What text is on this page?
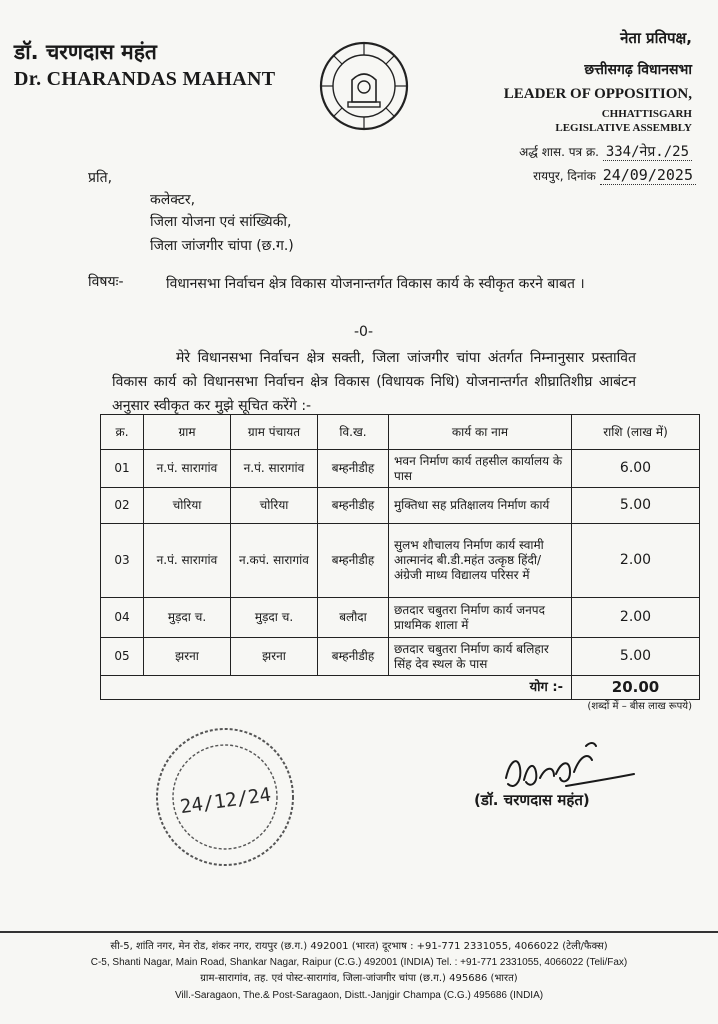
डॉ. चरणदास महंत
Dr. CHARANDAS MAHANT
नेता प्रतिपक्ष,
छत्तीसगढ़ विधानसभा
LEADER OF OPPOSITION,
CHHATTISGARH
LEGISLATIVE ASSEMBLY
अर्द्ध शास. पत्र क्र. 334/नेप्र./25
रायपुर, दिनांक 24/09/2025
प्रति,
कलेक्टर,
जिला योजना एवं सांख्यिकी,
जिला जांजगीर चांपा (छ.ग.)
विषयः-	विधानसभा निर्वाचन क्षेत्र विकास योजनान्तर्गत विकास कार्य के स्वीकृत करने बाबत ।
-0-
मेरे विधानसभा निर्वाचन क्षेत्र सक्ती, जिला जांजगीर चांपा अंतर्गत निम्नानुसार प्रस्तावित विकास कार्य को विधानसभा निर्वाचन क्षेत्र विकास (विधायक निधि) योजनान्तर्गत शीघ्रातिशीघ्र आबंटन अनुसार स्वीकृत कर मुझे सूचित करेंगे :-
क्र.	ग्राम	ग्राम पंचायत	वि.ख.	कार्य का नाम	राशि (लाख में)
01	न.पं. सारागांव	न.पं. सारागांव	बम्हनीडीह	भवन निर्माण कार्य तहसील कार्यालय के पास	6.00
02	चोरिया	चोरिया	बम्हनीडीह	मुक्तिधा सह प्रतिक्षालय निर्माण कार्य	5.00
03	न.पं. सारागांव	न.कपं. सारागांव	बम्हनीडीह	सुलभ शौचालय निर्माण कार्य स्वामी आत्मानंद बी.डी.महंत उत्कृष्ठ हिंदी/अंग्रेजी माध्य विद्यालय परिसर में	2.00
04	मुड़दा च.	मुड़दा च.	बलौदा	छतदार चबुतरा निर्माण कार्य जनपद प्राथमिक शाला में	2.00
05	झरना	झरना	बम्हनीडीह	छतदार चबुतरा निर्माण कार्य बलिहार सिंह देव स्थल के पास	5.00
योग :-					20.00
(शब्दों में – बीस लाख रूपये)
24/12/24	(डॉ. चरणदास महंत)
सी-5, शांति नगर, मेन रोड, शंकर नगर, रायपुर (छ.ग.) 492001 (भारत) दूरभाष : +91-771 2331055, 4066022 (टेली/फैक्स)
C-5, Shanti Nagar, Main Road, Shankar Nagar, Raipur (C.G.) 492001 (INDIA) Tel. : +91-771 2331055, 4066022 (Teli/Fax)
ग्राम-सारागांव, तह. एवं पोस्ट-सारागांव, जिला-जांजगीर चांपा (छ.ग.) 495686 (भारत)
Vill.-Saragaon, The.& Post-Saragaon, Distt.-Janjgir Champa (C.G.) 495686 (INDIA)
